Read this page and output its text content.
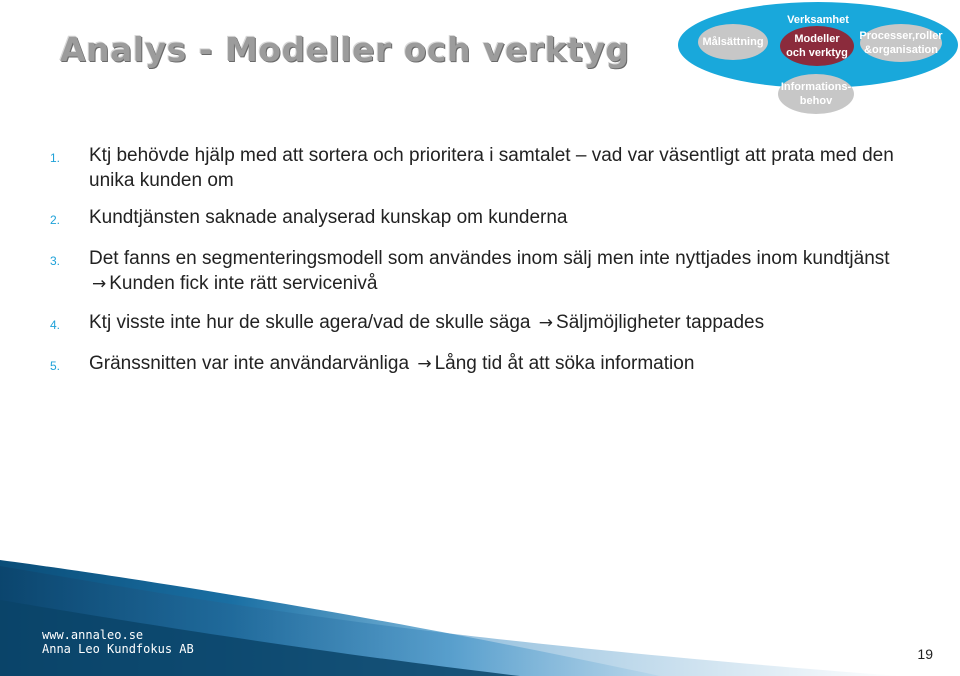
Analys - Modeller och verktyg
Verksamhet
Målsättning	Modeller
och verktyg
Processer,roller
&organisation
Informations-
behov
1.	Ktj behövde hjälp med att sortera och prioritera i samtalet – vad var väsentligt att prata med den unika kunden om
2.	Kundtjänsten saknade analyserad kunskap om kunderna
3.	Det fanns en segmenteringsmodell som användes inom sälj men inte nyttjades inom kundtjänst → Kunden fick inte rätt servicenivå
4.	Ktj visste inte hur de skulle agera/vad de skulle säga → Säljmöjligheter tappades
5.	Gränssnitten var inte användarvänliga → Lång tid åt att söka information
www.annaleo.se
Anna Leo Kundfokus AB	19
